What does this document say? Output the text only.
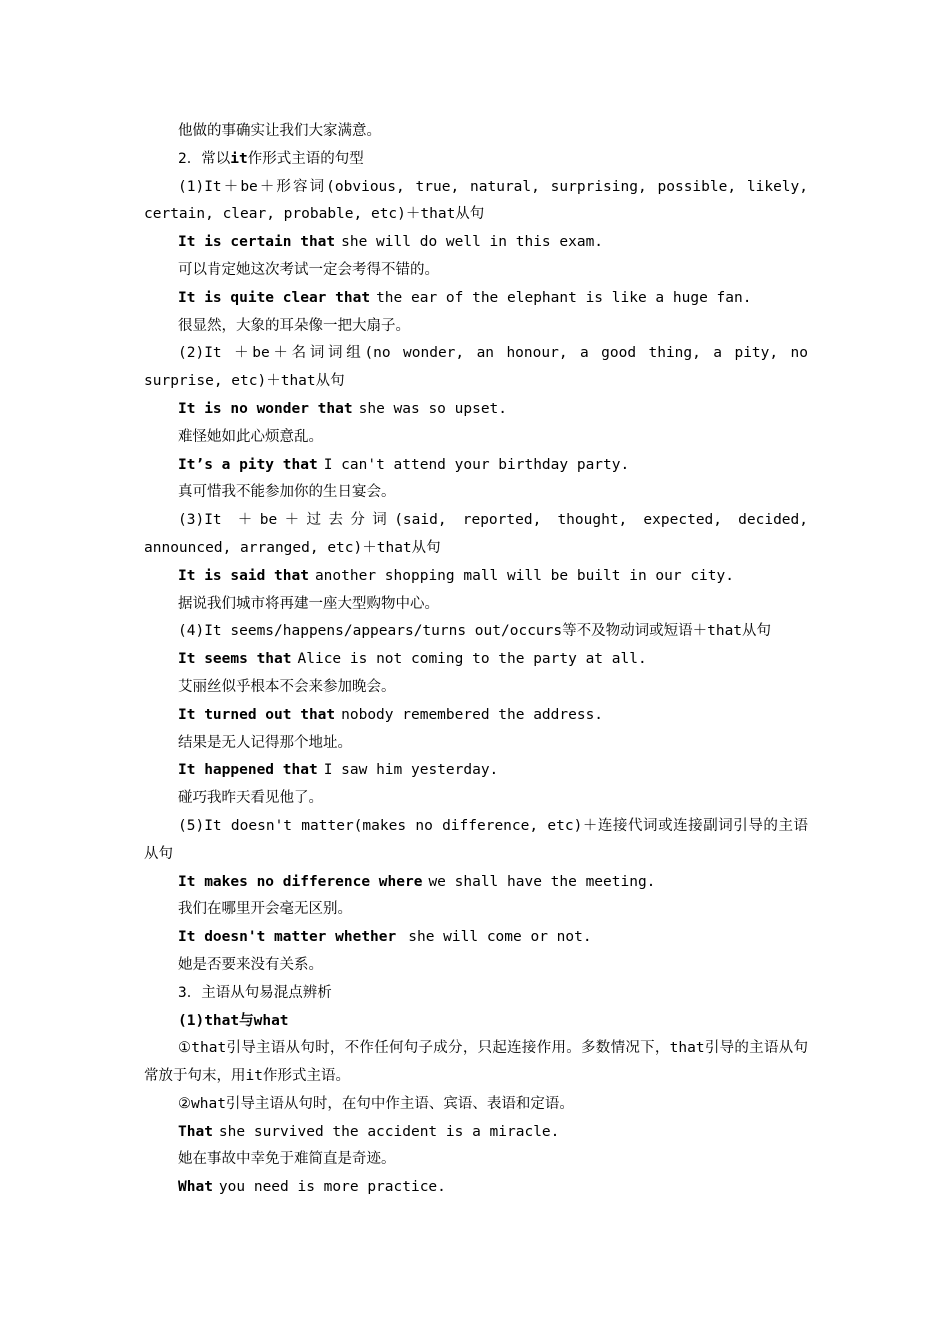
他做的事确实让我们大家满意。
2．常以it作形式主语的句型
(1)It＋be＋形容词(obvious, true, natural, surprising, possible, likely, certain, clear, probable, etc)＋that从句
It is certain that she will do well in this exam.
可以肯定她这次考试一定会考得不错的。
It is quite clear that the ear of the elephant is like a huge fan.
很显然，大象的耳朵像一把大扇子。
(2)It ＋be＋名词词组(no wonder, an honour, a good thing, a pity, no surprise, etc)＋that从句
It is no wonder that she was so upset.
难怪她如此心烦意乱。
It’s a pity that I can't attend your birthday party.
真可惜我不能参加你的生日宴会。
(3)It ＋be＋过去分词(said, reported, thought, expected, decided, announced, arranged, etc)＋that从句
It is said that another shopping mall will be built in our city.
据说我们城市将再建一座大型购物中心。
(4)It seems/happens/appears/turns out/occurs等不及物动词或短语＋that从句
It seems that Alice is not coming to the party at all.
艾丽丝似乎根本不会来参加晚会。
It turned out that nobody remembered the address.
结果是无人记得那个地址。
It happened that I saw him yesterday.
碰巧我昨天看见他了。
(5)It doesn't matter(makes no difference, etc)＋连接代词或连接副词引导的主语从句
It makes no difference where we shall have the meeting.
我们在哪里开会毫无区别。
It doesn't matter whether she will come or not.
她是否要来没有关系。
3．主语从句易混点辨析
(1)that与what
①that引导主语从句时，不作任何句子成分，只起连接作用。多数情况下，that引导的主语从句常放于句末，用it作形式主语。
②what引导主语从句时，在句中作主语、宾语、表语和定语。
That she survived the accident is a miracle.
她在事故中幸免于难简直是奇迹。
What you need is more practice.
